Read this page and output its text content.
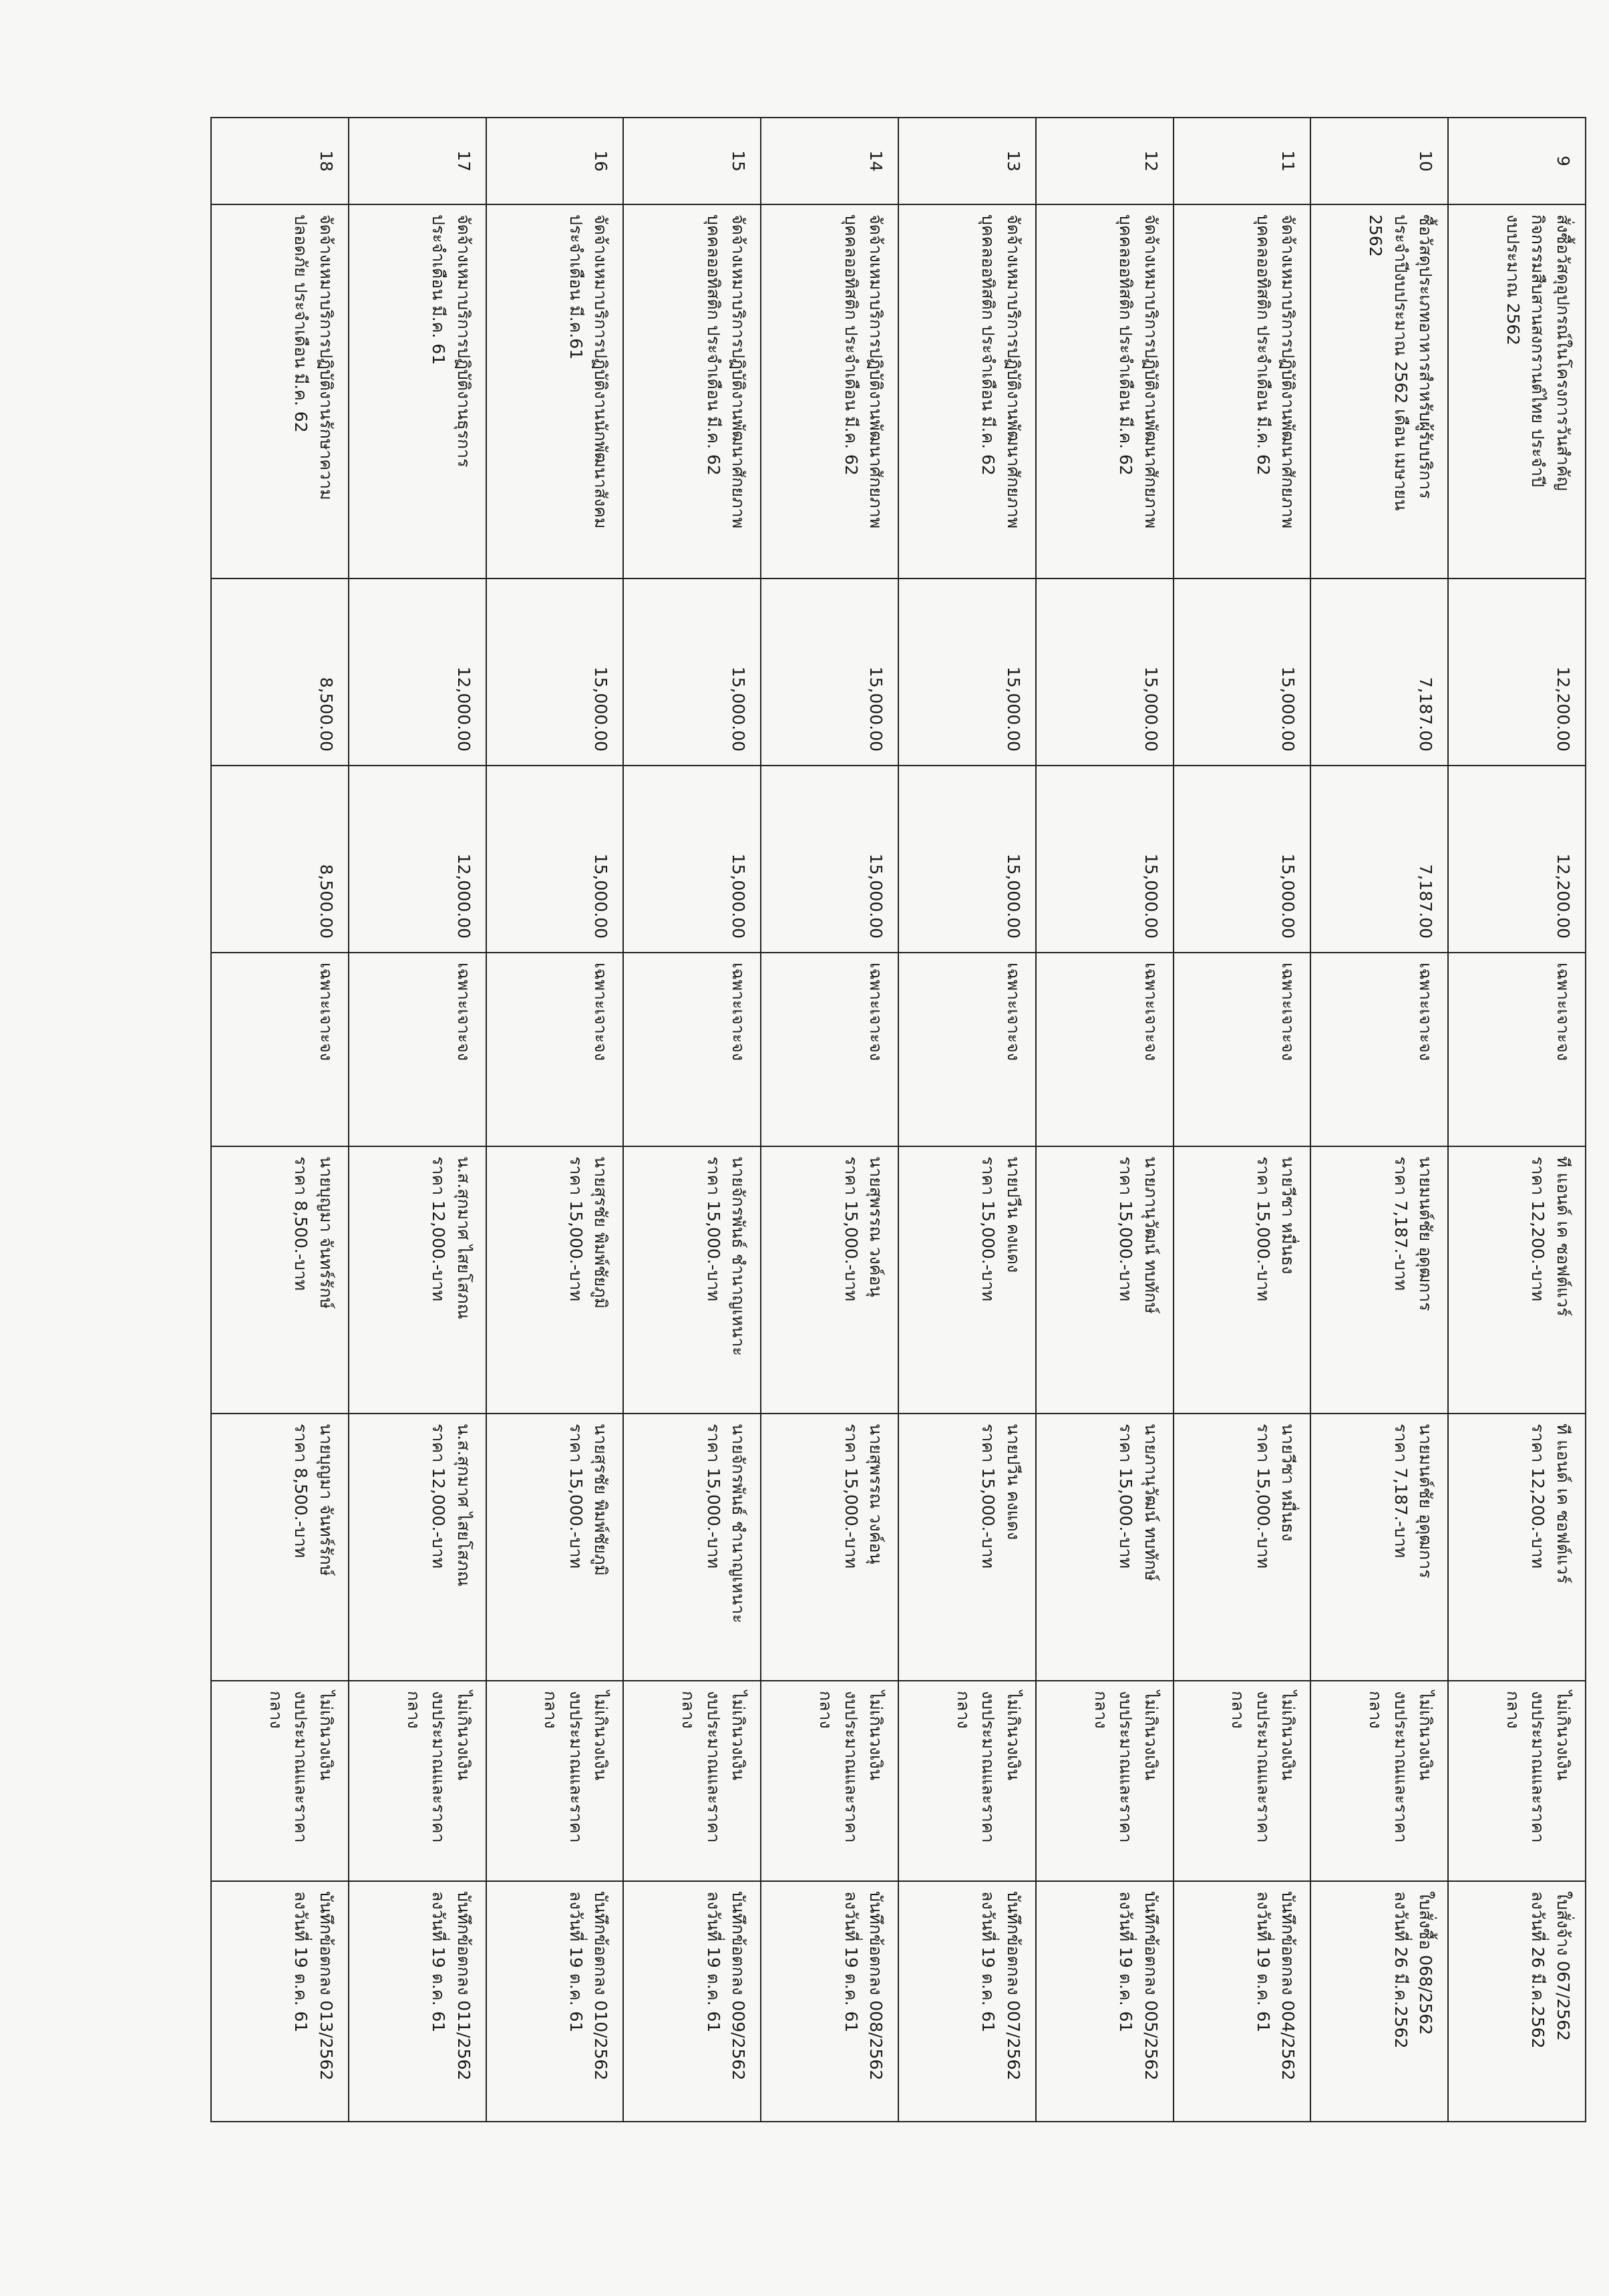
9	สั่งซื้อวัสดุอุปกรณ์ในโครงการวันสำคัญ
กิจกรรมสืบสานสงกรานต์ไทย ประจำปี
งบประมาณ 2562	12,200.00	12,200.00	เฉพาะเจาะจง	ที แอนด์ เค ซอฟต์แวร์
ราคา 12,200.-บาท	ที แอนด์ เค ซอฟต์แวร์
ราคา 12,200.-บาท	ไม่เกินวงเงิน
งบประมาณและราคา
กลาง	ใบสั่งจ้าง 067/2562
ลงวันที่ 26 มี.ค.2562

10	ซื้อวัสดุประเภทอาหารสำหรับผู้รับบริการ
ประจำปีงบประมาณ 2562 เดือน เมษายน
2562	7,187.00	7,187.00	เฉพาะเจาะจง	นายมนต์ชัย อุดุฒการ
ราคา 7,187.-บาท	นายมนต์ชัย อุดุฒการ
ราคา 7,187.-บาท	ไม่เกินวงเงิน
งบประมาณและราคา
กลาง	ใบสั่งซื้อ 068/2562
ลงวันที่ 26 มี.ค.2562

11	จัดจ้างเหมาบริการปฏิบัติงานพัฒนาศักยภาพ
บุคคลออทิสติก ประจำเดือน มี.ค. 62	15,000.00	15,000.00	เฉพาะเจาะจง	นายวีซา หมื่นธง
ราคา 15,000.-บาท	นายวีซา หมื่นธง
ราคา 15,000.-บาท	ไม่เกินวงเงิน
งบประมาณและราคา
กลาง	บันทึกข้อตกลง 004/2562
ลงวันที่ 19 ต.ค. 61

12	จัดจ้างเหมาบริการปฏิบัติงานพัฒนาศักยภาพ
บุคคลออทิสติก ประจำเดือน มี.ค. 62	15,000.00	15,000.00	เฉพาะเจาะจง	นายภานุวัฒน์ ทบทักษ์
ราคา 15,000.-บาท	นายภานุวัฒน์ ทบทักษ์
ราคา 15,000.-บาท	ไม่เกินวงเงิน
งบประมาณและราคา
กลาง	บันทึกข้อตกลง 005/2562
ลงวันที่ 19 ต.ค. 61

13	จัดจ้างเหมาบริการปฏิบัติงานพัฒนาศักยภาพ
บุคคลออทิสติก ประจำเดือน มี.ค. 62	15,000.00	15,000.00	เฉพาะเจาะจง	นายปวีน คงแดง
ราคา 15,000.-บาท	นายปวีน คงแดง
ราคา 15,000.-บาท	ไม่เกินวงเงิน
งบประมาณและราคา
กลาง	บันทึกข้อตกลง 007/2562
ลงวันที่ 19 ต.ค. 61

14	จัดจ้างเหมาบริการปฏิบัติงานพัฒนาศักยภาพ
บุคคลออทิสติก ประจำเดือน มี.ค. 62	15,000.00	15,000.00	เฉพาะเจาะจง	นายสุพรรณ วงค์อนุ
ราคา 15,000.-บาท	นายสุพรรณ วงค์อนุ
ราคา 15,000.-บาท	ไม่เกินวงเงิน
งบประมาณและราคา
กลาง	บันทึกข้อตกลง 008/2562
ลงวันที่ 19 ต.ค. 61

15	จัดจ้างเหมาบริการปฏิบัติงานพัฒนาศักยภาพ
บุคคลออทิสติก ประจำเดือน มี.ค. 62	15,000.00	15,000.00	เฉพาะเจาะจง	นายจักรพันธ์ ชำนาญเหนาะ
ราคา 15,000.-บาท	นายจักรพันธ์ ชำนาญเหนาะ
ราคา 15,000.-บาท	ไม่เกินวงเงิน
งบประมาณและราคา
กลาง	บันทึกข้อตกลง 009/2562
ลงวันที่ 19 ต.ค. 61

16	จัดจ้างเหมาบริการปฏิบัติงานนักพัฒนาสังคม
ประจำเดือน มี.ค.61	15,000.00	15,000.00	เฉพาะเจาะจง	นายสุรชัย พิมพ์ชัยภูมิ
ราคา 15,000.-บาท	นายสุรชัย พิมพ์ชัยภูมิ
ราคา 15,000.-บาท	ไม่เกินวงเงิน
งบประมาณและราคา
กลาง	บันทึกข้อตกลง 010/2562
ลงวันที่ 19 ต.ค. 61

17	จัดจ้างเหมาบริการปฏิบัติงานธุรการ
ประจำเดือน มี.ค. 61	12,000.00	12,000.00	เฉพาะเจาะจง	น.ส.สุกมาศ ไสยโสภณ
ราคา 12,000.-บาท	น.ส.สุกมาศ ไสยโสภณ
ราคา 12,000.-บาท	ไม่เกินวงเงิน
งบประมาณและราคา
กลาง	บันทึกข้อตกลง 011/2562
ลงวันที่ 19 ต.ค. 61

18	จัดจ้างเหมาบริการปฏิบัติงานรักษาความ
ปลอดภัย ประจำเดือน มี.ค. 62	8,500.00	8,500.00	เฉพาะเจาะจง	นายบุญมา จันทร์รักษ์
ราคา 8,500.-บาท	นายบุญมา จันทร์รักษ์
ราคา 8,500.-บาท	ไม่เกินวงเงิน
งบประมาณและราคา
กลาง	บันทึกข้อตกลง 013/2562
ลงวันที่ 19 ต.ค. 61
